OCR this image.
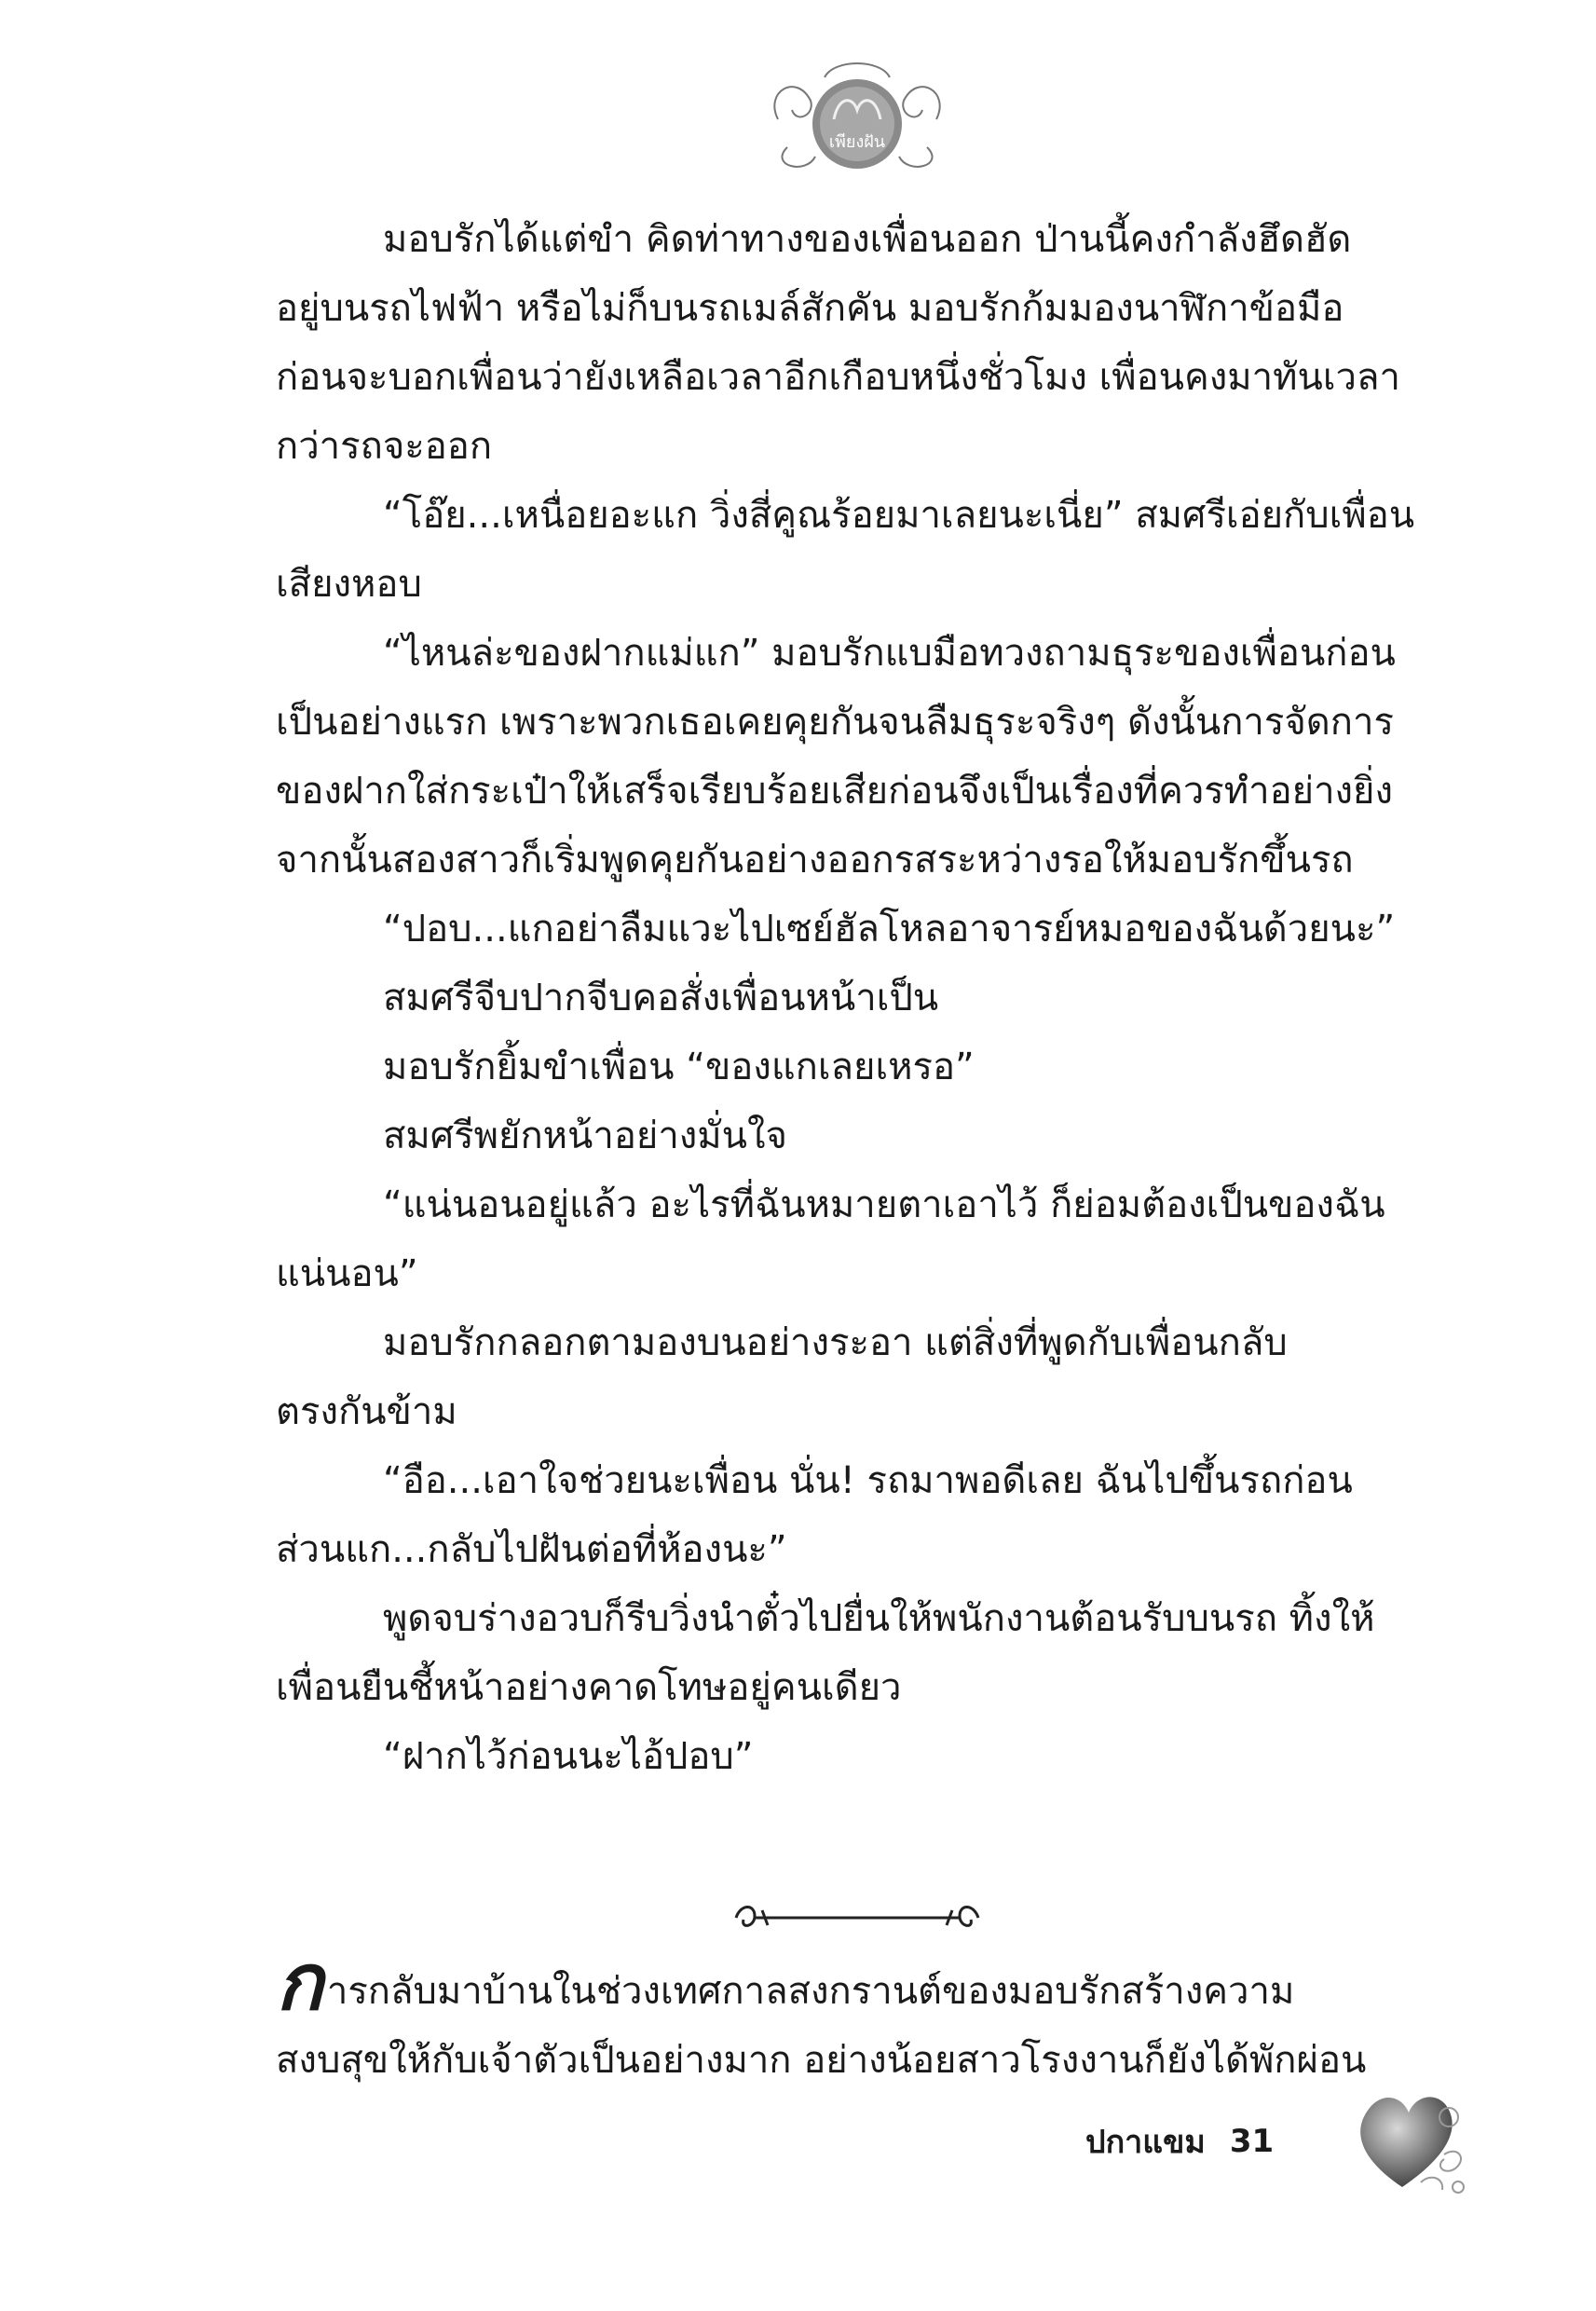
เพียงฝัน

มอบรักได้แต่ขำ คิดท่าทางของเพื่อนออก ป่านนี้คงกำลังฮึดฮัด

อยู่บนรถไฟฟ้า หรือไม่ก็บนรถเมล์สักคัน มอบรักก้มมองนาฬิกาข้อมือ

ก่อนจะบอกเพื่อนว่ายังเหลือเวลาอีกเกือบหนึ่งชั่วโมง เพื่อนคงมาทันเวลา

กว่ารถจะออก

“โอ๊ย...เหนื่อยอะแก วิ่งสี่คูณร้อยมาเลยนะเนี่ย” สมศรีเอ่ยกับเพื่อน

เสียงหอบ

“ไหนล่ะของฝากแม่แก” มอบรักแบมือทวงถามธุระของเพื่อนก่อน

เป็นอย่างแรก เพราะพวกเธอเคยคุยกันจนลืมธุระจริงๆ ดังนั้นการจัดการ

ของฝากใส่กระเป๋าให้เสร็จเรียบร้อยเสียก่อนจึงเป็นเรื่องที่ควรทำอย่างยิ่ง

จากนั้นสองสาวก็เริ่มพูดคุยกันอย่างออกรสระหว่างรอให้มอบรักขึ้นรถ

“ปอบ...แกอย่าลืมแวะไปเซย์ฮัลโหลอาจารย์หมอของฉันด้วยนะ”

สมศรีจีบปากจีบคอสั่งเพื่อนหน้าเป็น

มอบรักยิ้มขำเพื่อน “ของแกเลยเหรอ”

สมศรีพยักหน้าอย่างมั่นใจ

“แน่นอนอยู่แล้ว อะไรที่ฉันหมายตาเอาไว้ ก็ย่อมต้องเป็นของฉัน

แน่นอน”

มอบรักกลอกตามองบนอย่างระอา แต่สิ่งที่พูดกับเพื่อนกลับ

ตรงกันข้าม

“อือ...เอาใจช่วยนะเพื่อน นั่น! รถมาพอดีเลย ฉันไปขึ้นรถก่อน

ส่วนแก...กลับไปฝันต่อที่ห้องนะ”

พูดจบร่างอวบก็รีบวิ่งนำตั๋วไปยื่นให้พนักงานต้อนรับบนรถ ทิ้งให้

เพื่อนยืนชี้หน้าอย่างคาดโทษอยู่คนเดียว

“ฝากไว้ก่อนนะไอ้ปอบ”

การกลับมาบ้านในช่วงเทศกาลสงกรานต์ของมอบรักสร้างความ

สงบสุขให้กับเจ้าตัวเป็นอย่างมาก อย่างน้อยสาวโรงงานก็ยังได้พักผ่อน

ปกาแขม 31
